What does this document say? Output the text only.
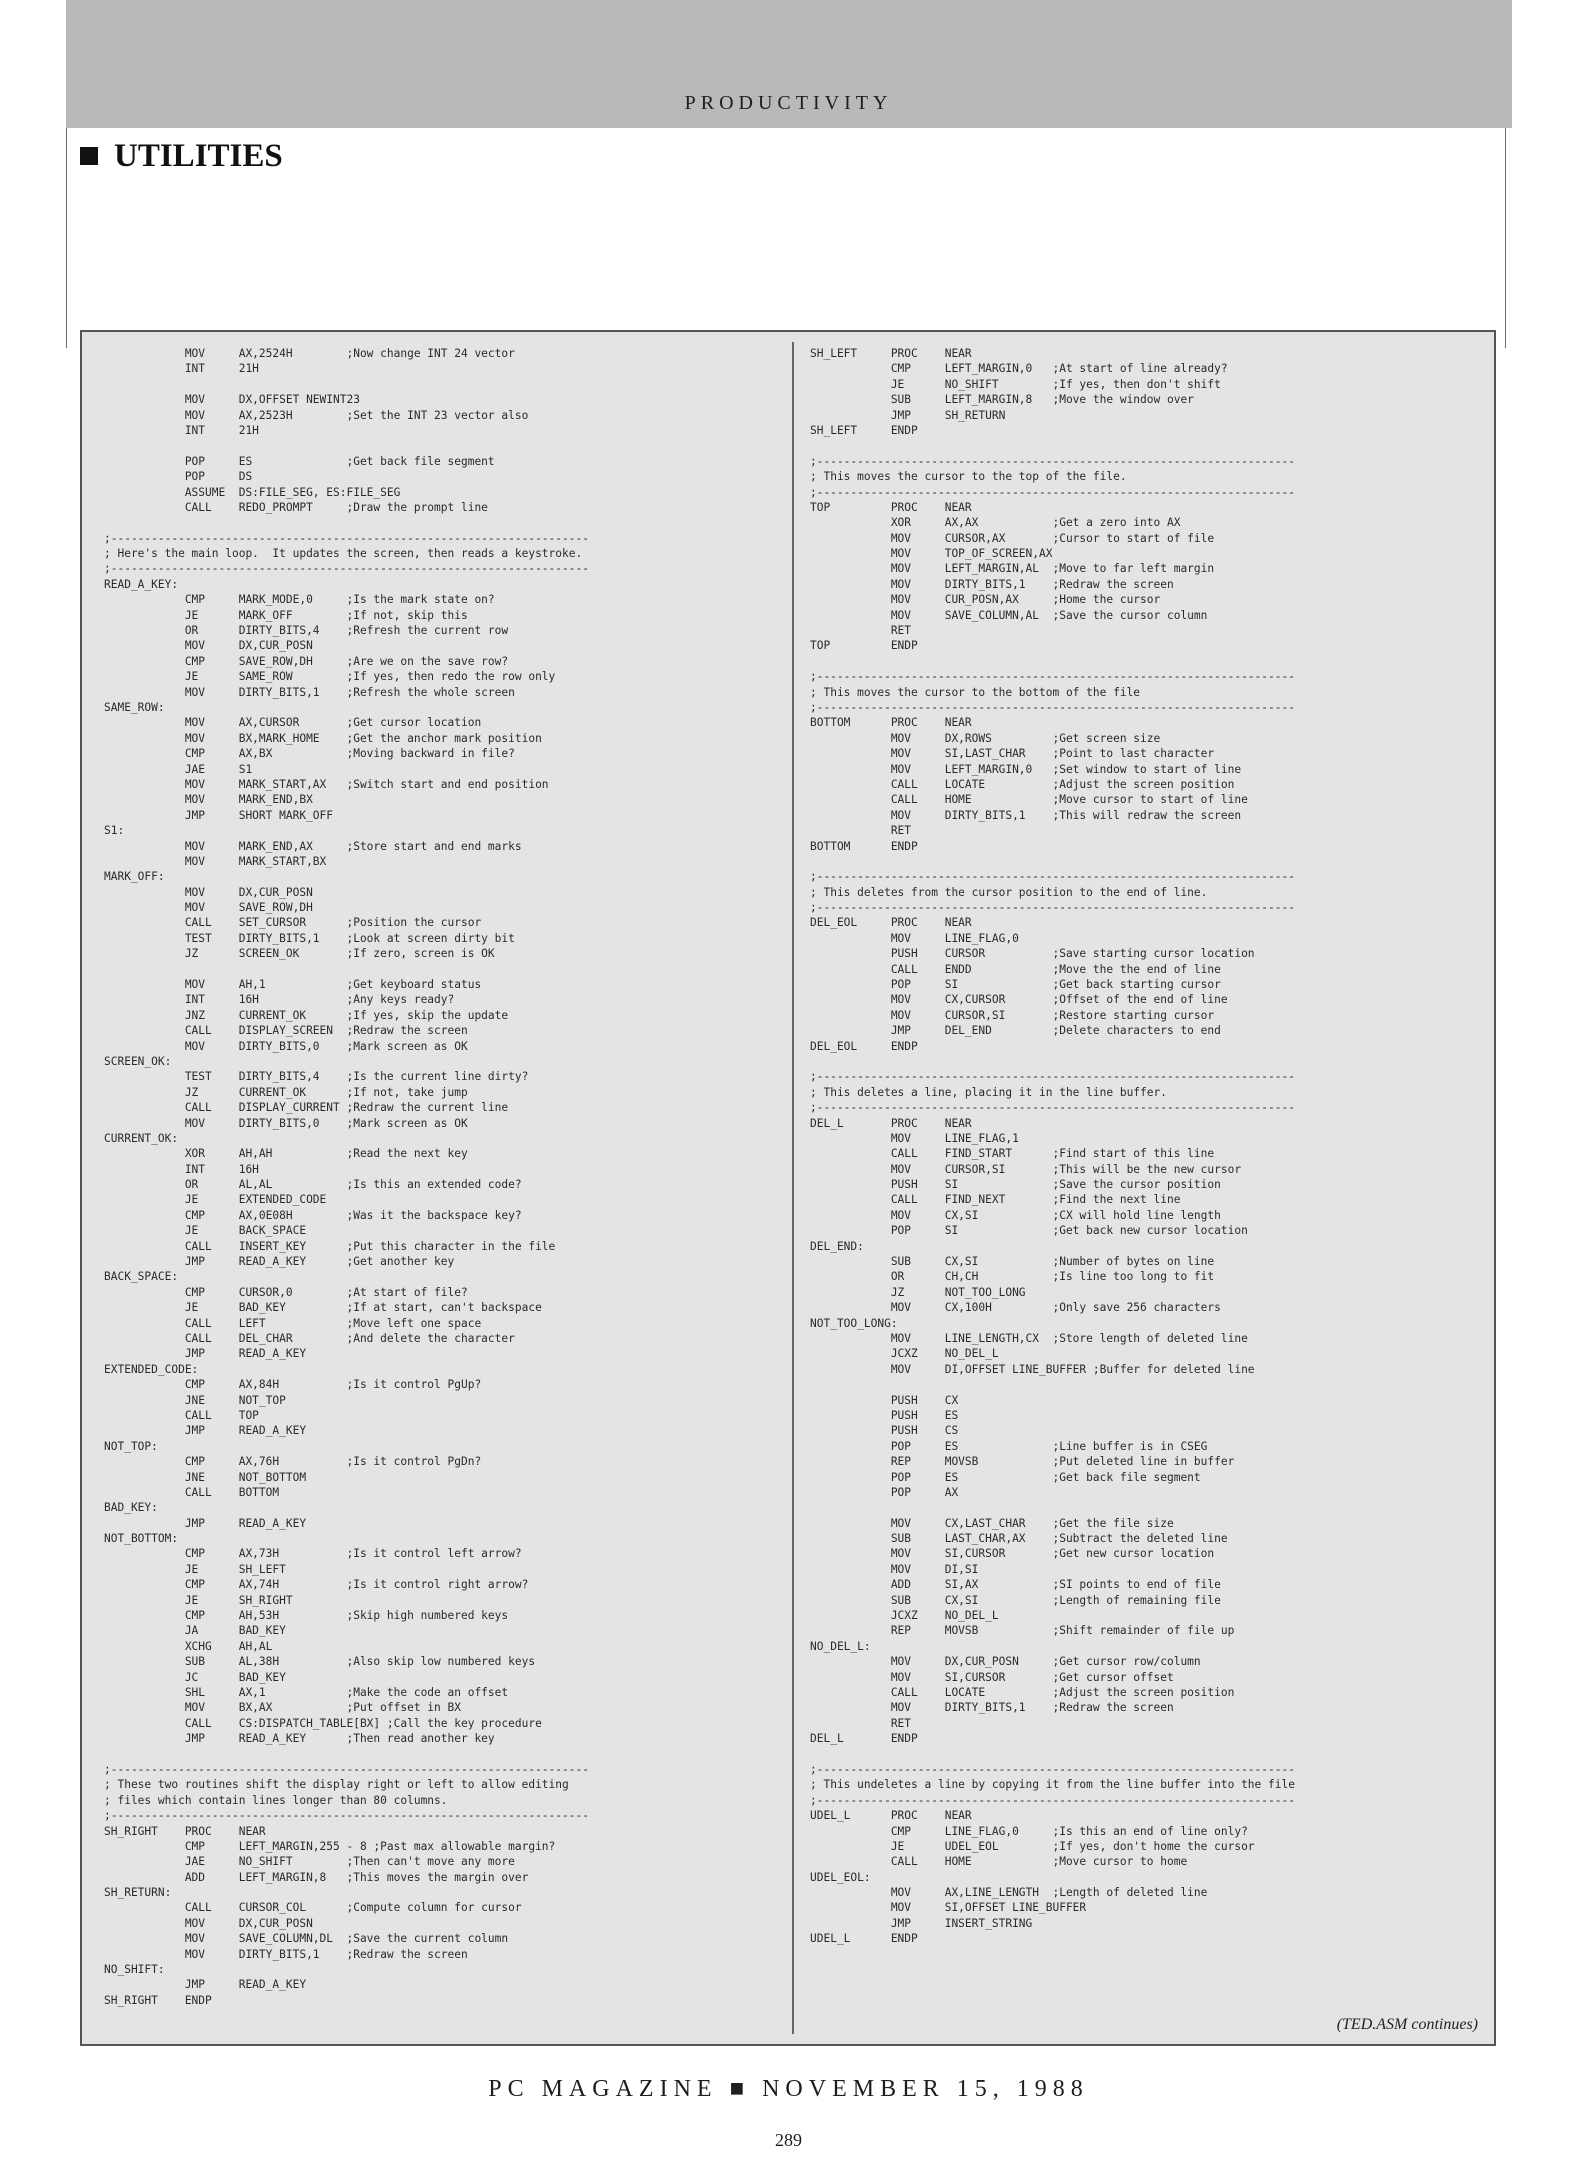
PRODUCTIVITY
UTILITIES
MOV     AX,2524H        ;Now change INT 24 vector
INT     21H

MOV     DX,OFFSET NEWINT23
MOV     AX,2523H        ;Set the INT 23 vector also
INT     21H

POP     ES              ;Get back file segment
POP     DS
ASSUME  DS:FILE_SEG, ES:FILE_SEG
CALL    REDO_PROMPT     ;Draw the prompt line

;-----------------------------------------------------------------------
; Here's the main loop.  It updates the screen, then reads a keystroke.
;-----------------------------------------------------------------------
READ_A_KEY:
CMP     MARK_MODE,0     ;Is the mark state on?
JE      MARK_OFF        ;If not, skip this
OR      DIRTY_BITS,4    ;Refresh the current row
MOV     DX,CUR_POSN
CMP     SAVE_ROW,DH     ;Are we on the save row?
JE      SAME_ROW        ;If yes, then redo the row only
MOV     DIRTY_BITS,1    ;Refresh the whole screen
SAME_ROW:
MOV     AX,CURSOR       ;Get cursor location
MOV     BX,MARK_HOME    ;Get the anchor mark position
CMP     AX,BX           ;Moving backward in file?
JAE     S1
MOV     MARK_START,AX   ;Switch start and end position
MOV     MARK_END,BX
JMP     SHORT MARK_OFF
S1:
MOV     MARK_END,AX     ;Store start and end marks
MOV     MARK_START,BX
MARK_OFF:
MOV     DX,CUR_POSN
MOV     SAVE_ROW,DH
CALL    SET_CURSOR      ;Position the cursor
TEST    DIRTY_BITS,1    ;Look at screen dirty bit
JZ      SCREEN_OK       ;If zero, screen is OK

MOV     AH,1            ;Get keyboard status
INT     16H             ;Any keys ready?
JNZ     CURRENT_OK      ;If yes, skip the update
CALL    DISPLAY_SCREEN  ;Redraw the screen
MOV     DIRTY_BITS,0    ;Mark screen as OK
SCREEN_OK:
TEST    DIRTY_BITS,4    ;Is the current line dirty?
JZ      CURRENT_OK      ;If not, take jump
CALL    DISPLAY_CURRENT ;Redraw the current line
MOV     DIRTY_BITS,0    ;Mark screen as OK
CURRENT_OK:
XOR     AH,AH           ;Read the next key
INT     16H
OR      AL,AL           ;Is this an extended code?
JE      EXTENDED_CODE
CMP     AX,0E08H        ;Was it the backspace key?
JE      BACK_SPACE
CALL    INSERT_KEY      ;Put this character in the file
JMP     READ_A_KEY      ;Get another key
BACK_SPACE:
CMP     CURSOR,0        ;At start of file?
JE      BAD_KEY         ;If at start, can't backspace
CALL    LEFT            ;Move left one space
CALL    DEL_CHAR        ;And delete the character
JMP     READ_A_KEY
EXTENDED_CODE:
CMP     AX,84H          ;Is it control PgUp?
JNE     NOT_TOP
CALL    TOP
JMP     READ_A_KEY
NOT_TOP:
CMP     AX,76H          ;Is it control PgDn?
JNE     NOT_BOTTOM
CALL    BOTTOM
BAD_KEY:
JMP     READ_A_KEY
NOT_BOTTOM:
CMP     AX,73H          ;Is it control left arrow?
JE      SH_LEFT
CMP     AX,74H          ;Is it control right arrow?
JE      SH_RIGHT
CMP     AH,53H          ;Skip high numbered keys
JA      BAD_KEY
XCHG    AH,AL
SUB     AL,38H          ;Also skip low numbered keys
JC      BAD_KEY
SHL     AX,1            ;Make the code an offset
MOV     BX,AX           ;Put offset in BX
CALL    CS:DISPATCH_TABLE[BX] ;Call the key procedure
JMP     READ_A_KEY      ;Then read another key

;-----------------------------------------------------------------------
; These two routines shift the display right or left to allow editing
; files which contain lines longer than 80 columns.
;-----------------------------------------------------------------------
SH_RIGHT    PROC    NEAR
CMP     LEFT_MARGIN,255 - 8 ;Past max allowable margin?
JAE     NO_SHIFT        ;Then can't move any more
ADD     LEFT_MARGIN,8   ;This moves the margin over
SH_RETURN:
CALL    CURSOR_COL      ;Compute column for cursor
MOV     DX,CUR_POSN
MOV     SAVE_COLUMN,DL  ;Save the current column
MOV     DIRTY_BITS,1    ;Redraw the screen
NO_SHIFT:
JMP     READ_A_KEY
SH_RIGHT    ENDP
SH_LEFT     PROC    NEAR
CMP     LEFT_MARGIN,0   ;At start of line already?
JE      NO_SHIFT        ;If yes, then don't shift
SUB     LEFT_MARGIN,8   ;Move the window over
JMP     SH_RETURN
SH_LEFT     ENDP

;-----------------------------------------------------------------------
; This moves the cursor to the top of the file.
;-----------------------------------------------------------------------
TOP         PROC    NEAR
XOR     AX,AX           ;Get a zero into AX
MOV     CURSOR,AX       ;Cursor to start of file
MOV     TOP_OF_SCREEN,AX
MOV     LEFT_MARGIN,AL  ;Move to far left margin
MOV     DIRTY_BITS,1    ;Redraw the screen
MOV     CUR_POSN,AX     ;Home the cursor
MOV     SAVE_COLUMN,AL  ;Save the cursor column
RET
TOP         ENDP

;-----------------------------------------------------------------------
; This moves the cursor to the bottom of the file
;-----------------------------------------------------------------------
BOTTOM      PROC    NEAR
MOV     DX,ROWS         ;Get screen size
MOV     SI,LAST_CHAR    ;Point to last character
MOV     LEFT_MARGIN,0   ;Set window to start of line
CALL    LOCATE          ;Adjust the screen position
CALL    HOME            ;Move cursor to start of line
MOV     DIRTY_BITS,1    ;This will redraw the screen
RET
BOTTOM      ENDP

;-----------------------------------------------------------------------
; This deletes from the cursor position to the end of line.
;-----------------------------------------------------------------------
DEL_EOL     PROC    NEAR
MOV     LINE_FLAG,0
PUSH    CURSOR          ;Save starting cursor location
CALL    ENDD            ;Move the the end of line
POP     SI              ;Get back starting cursor
MOV     CX,CURSOR       ;Offset of the end of line
MOV     CURSOR,SI       ;Restore starting cursor
JMP     DEL_END         ;Delete characters to end
DEL_EOL     ENDP

;-----------------------------------------------------------------------
; This deletes a line, placing it in the line buffer.
;-----------------------------------------------------------------------
DEL_L       PROC    NEAR
MOV     LINE_FLAG,1
CALL    FIND_START      ;Find start of this line
MOV     CURSOR,SI       ;This will be the new cursor
PUSH    SI              ;Save the cursor position
CALL    FIND_NEXT       ;Find the next line
MOV     CX,SI           ;CX will hold line length
POP     SI              ;Get back new cursor location
DEL_END:
SUB     CX,SI           ;Number of bytes on line
OR      CH,CH           ;Is line too long to fit
JZ      NOT_TOO_LONG
MOV     CX,100H         ;Only save 256 characters
NOT_TOO_LONG:
MOV     LINE_LENGTH,CX  ;Store length of deleted line
JCXZ    NO_DEL_L
MOV     DI,OFFSET LINE_BUFFER ;Buffer for deleted line

PUSH    CX
PUSH    ES
PUSH    CS
POP     ES              ;Line buffer is in CSEG
REP     MOVSB           ;Put deleted line in buffer
POP     ES              ;Get back file segment
POP     AX

MOV     CX,LAST_CHAR    ;Get the file size
SUB     LAST_CHAR,AX    ;Subtract the deleted line
MOV     SI,CURSOR       ;Get new cursor location
MOV     DI,SI
ADD     SI,AX           ;SI points to end of file
SUB     CX,SI           ;Length of remaining file
JCXZ    NO_DEL_L
REP     MOVSB           ;Shift remainder of file up
NO_DEL_L:
MOV     DX,CUR_POSN     ;Get cursor row/column
MOV     SI,CURSOR       ;Get cursor offset
CALL    LOCATE          ;Adjust the screen position
MOV     DIRTY_BITS,1    ;Redraw the screen
RET
DEL_L       ENDP

;-----------------------------------------------------------------------
; This undeletes a line by copying it from the line buffer into the file
;-----------------------------------------------------------------------
UDEL_L      PROC    NEAR
CMP     LINE_FLAG,0     ;Is this an end of line only?
JE      UDEL_EOL        ;If yes, don't home the cursor
CALL    HOME            ;Move cursor to home
UDEL_EOL:
MOV     AX,LINE_LENGTH  ;Length of deleted line
MOV     SI,OFFSET LINE_BUFFER
JMP     INSERT_STRING
UDEL_L      ENDP
(TED.ASM continues)
PC MAGAZINE ■ NOVEMBER 15, 1988
289
